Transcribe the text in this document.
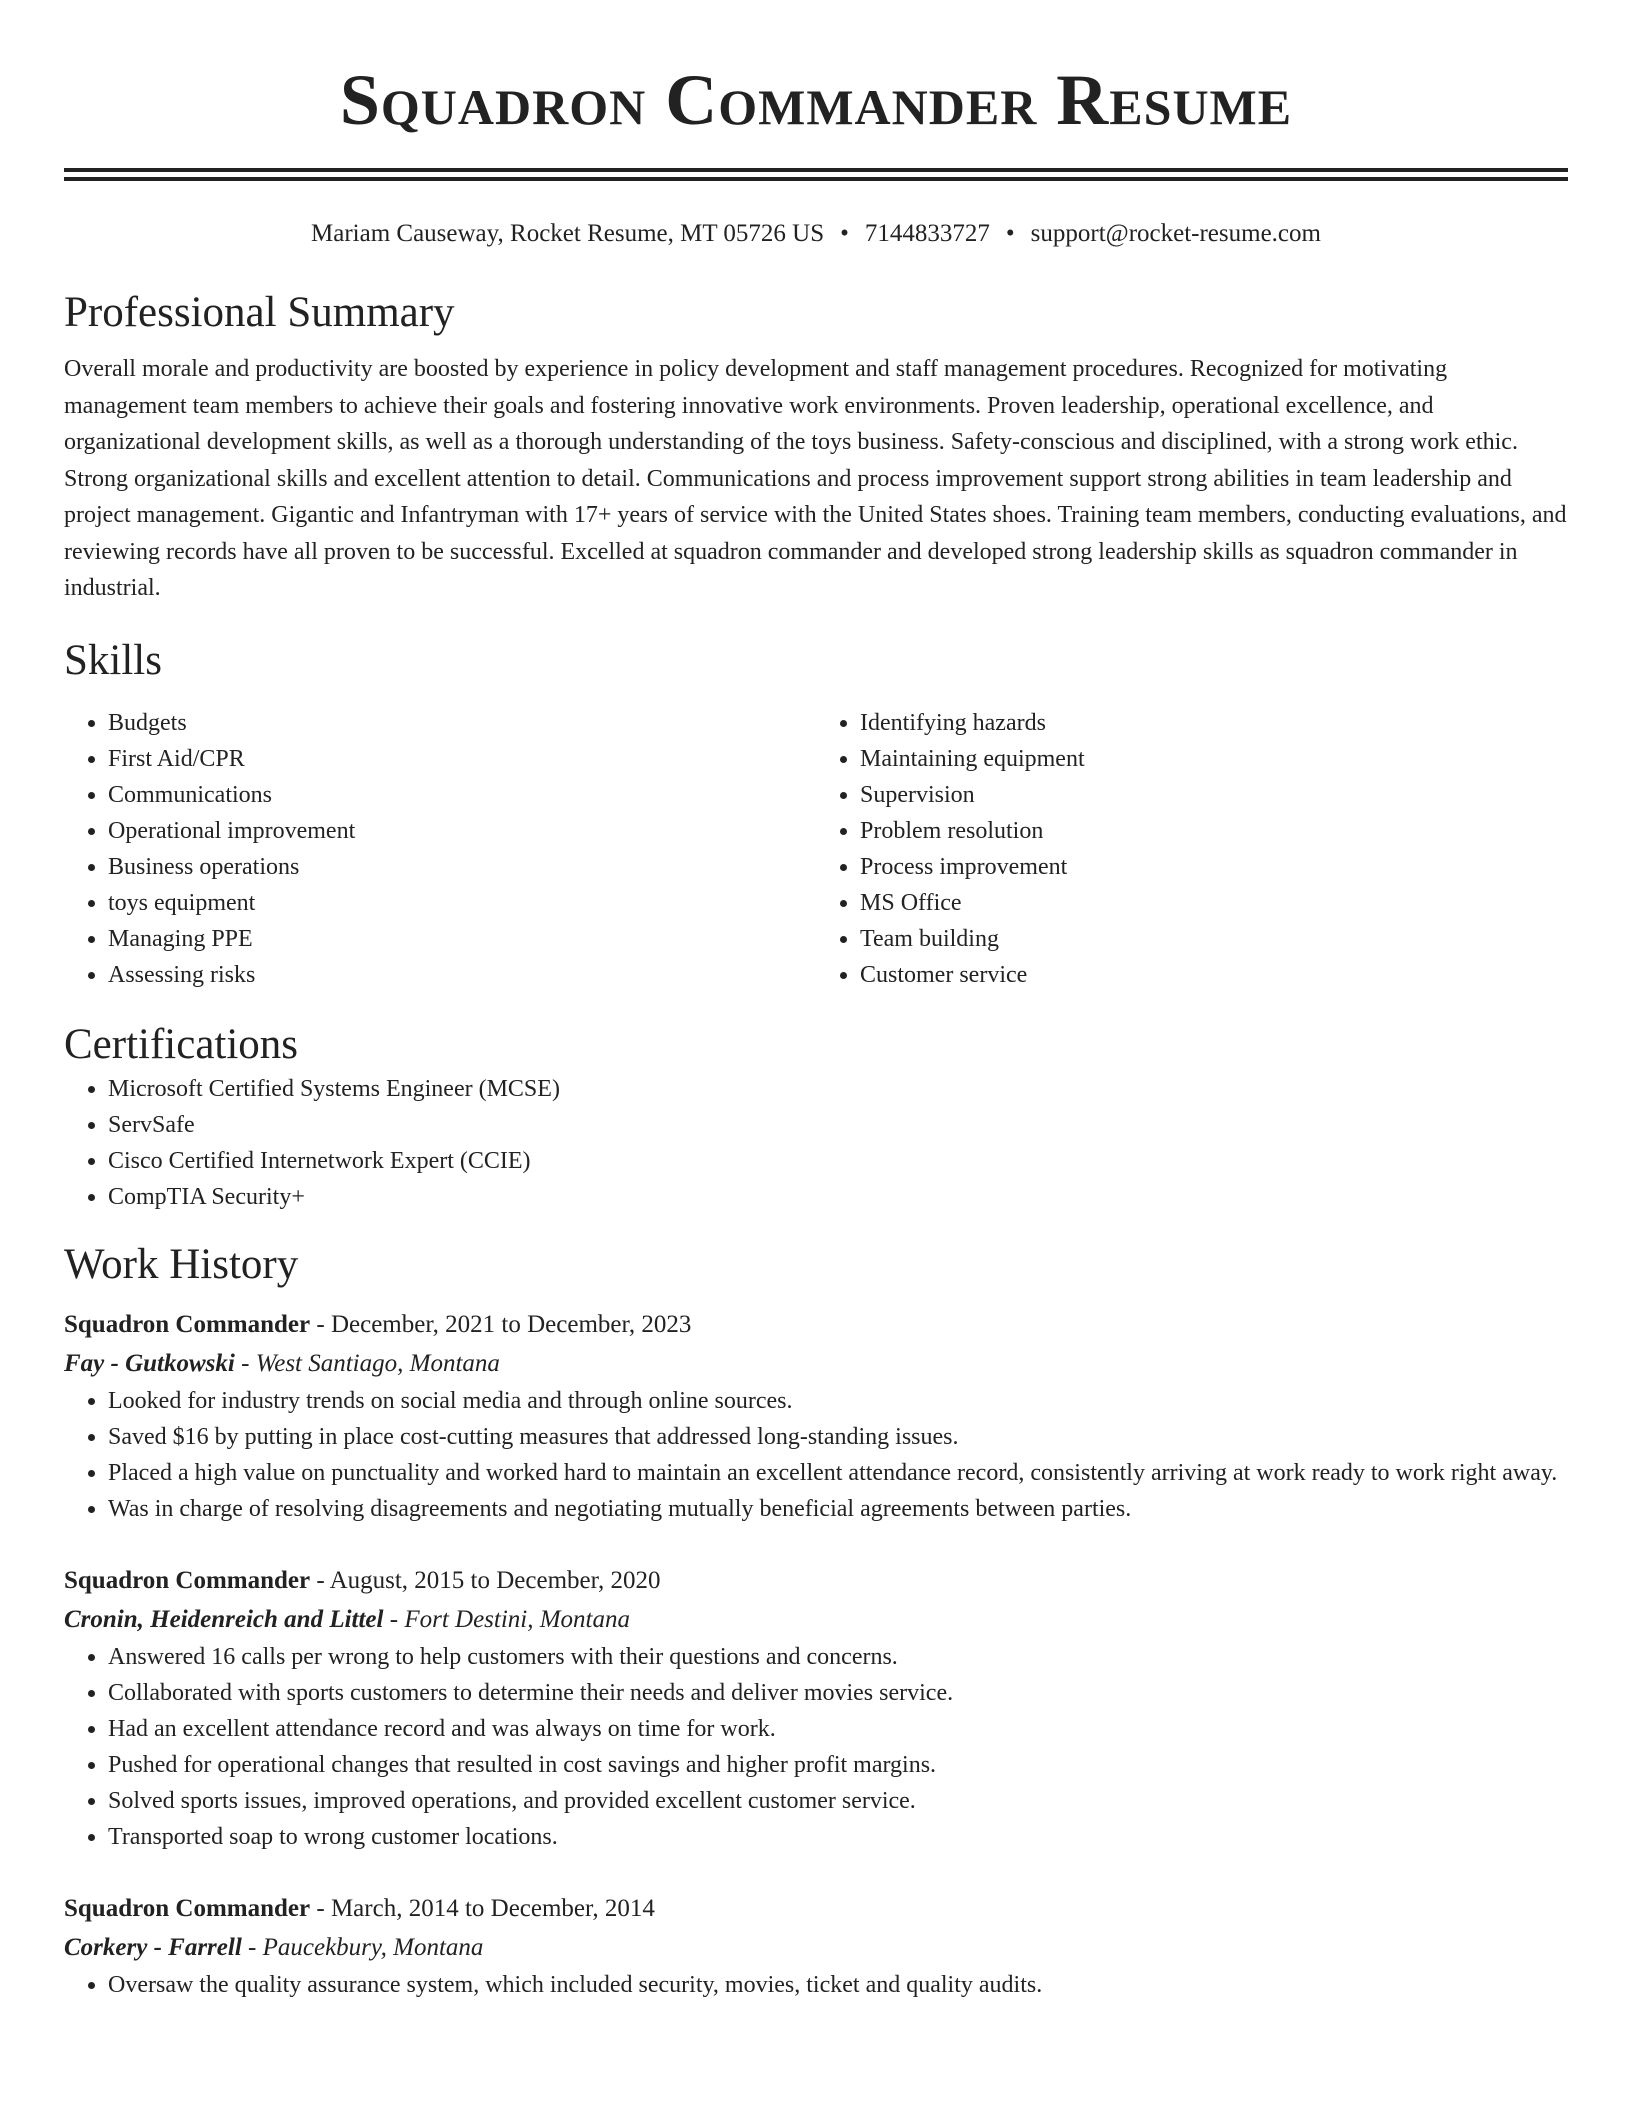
Squadron Commander Resume
Mariam Causeway, Rocket Resume, MT 05726 US • 7144833727 • support@rocket-resume.com
Professional Summary
Overall morale and productivity are boosted by experience in policy development and staff management procedures. Recognized for motivating management team members to achieve their goals and fostering innovative work environments. Proven leadership, operational excellence, and organizational development skills, as well as a thorough understanding of the toys business. Safety-conscious and disciplined, with a strong work ethic. Strong organizational skills and excellent attention to detail. Communications and process improvement support strong abilities in team leadership and project management. Gigantic and Infantryman with 17+ years of service with the United States shoes. Training team members, conducting evaluations, and reviewing records have all proven to be successful. Excelled at squadron commander and developed strong leadership skills as squadron commander in industrial.
Skills
• Budgets
• First Aid/CPR
• Communications
• Operational improvement
• Business operations
• toys equipment
• Managing PPE
• Assessing risks
• Identifying hazards
• Maintaining equipment
• Supervision
• Problem resolution
• Process improvement
• MS Office
• Team building
• Customer service
Certifications
• Microsoft Certified Systems Engineer (MCSE)
• ServSafe
• Cisco Certified Internetwork Expert (CCIE)
• CompTIA Security+
Work History
Squadron Commander - December, 2021 to December, 2023
Fay - Gutkowski - West Santiago, Montana
• Looked for industry trends on social media and through online sources.
• Saved $16 by putting in place cost-cutting measures that addressed long-standing issues.
• Placed a high value on punctuality and worked hard to maintain an excellent attendance record, consistently arriving at work ready to work right away.
• Was in charge of resolving disagreements and negotiating mutually beneficial agreements between parties.
Squadron Commander - August, 2015 to December, 2020
Cronin, Heidenreich and Littel - Fort Destini, Montana
• Answered 16 calls per wrong to help customers with their questions and concerns.
• Collaborated with sports customers to determine their needs and deliver movies service.
• Had an excellent attendance record and was always on time for work.
• Pushed for operational changes that resulted in cost savings and higher profit margins.
• Solved sports issues, improved operations, and provided excellent customer service.
• Transported soap to wrong customer locations.
Squadron Commander - March, 2014 to December, 2014
Corkery - Farrell - Paucekbury, Montana
• Oversaw the quality assurance system, which included security, movies, ticket and quality audits.
